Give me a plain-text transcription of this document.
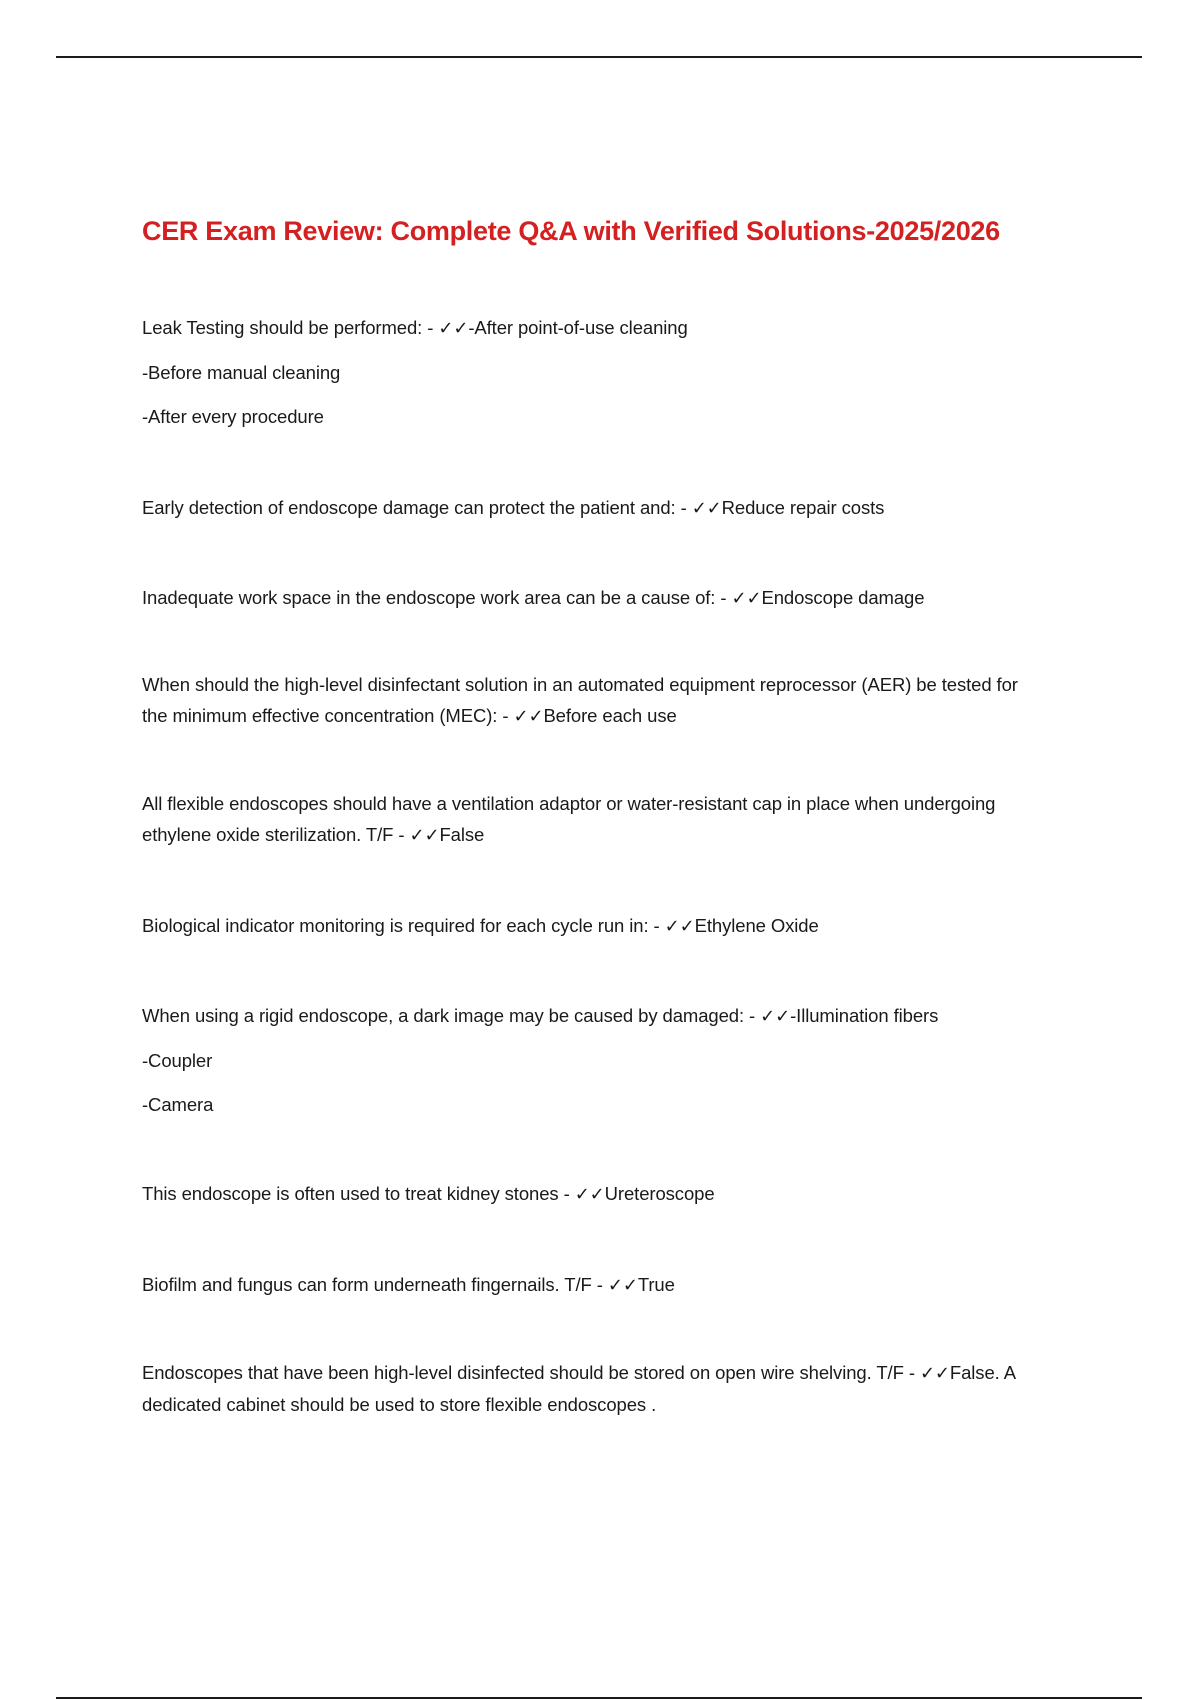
CER Exam Review: Complete Q&A with Verified Solutions-2025/2026

Leak Testing should be performed: - ✓✓-After point-of-use cleaning

-Before manual cleaning

-After every procedure

Early detection of endoscope damage can protect the patient and: - ✓✓Reduce repair costs

Inadequate work space in the endoscope work area can be a cause of: - ✓✓Endoscope damage

When should the high-level disinfectant solution in an automated equipment reprocessor (AER) be tested for the minimum effective concentration (MEC): - ✓✓Before each use

All flexible endoscopes should have a ventilation adaptor or water-resistant cap in place when undergoing ethylene oxide sterilization. T/F - ✓✓False

Biological indicator monitoring is required for each cycle run in: - ✓✓Ethylene Oxide

When using a rigid endoscope, a dark image may be caused by damaged: - ✓✓-Illumination fibers

-Coupler

-Camera

This endoscope is often used to treat kidney stones - ✓✓Ureteroscope

Biofilm and fungus can form underneath fingernails. T/F - ✓✓True

Endoscopes that have been high-level disinfected should be stored on open wire shelving. T/F - ✓✓False. A dedicated cabinet should be used to store flexible endoscopes .
